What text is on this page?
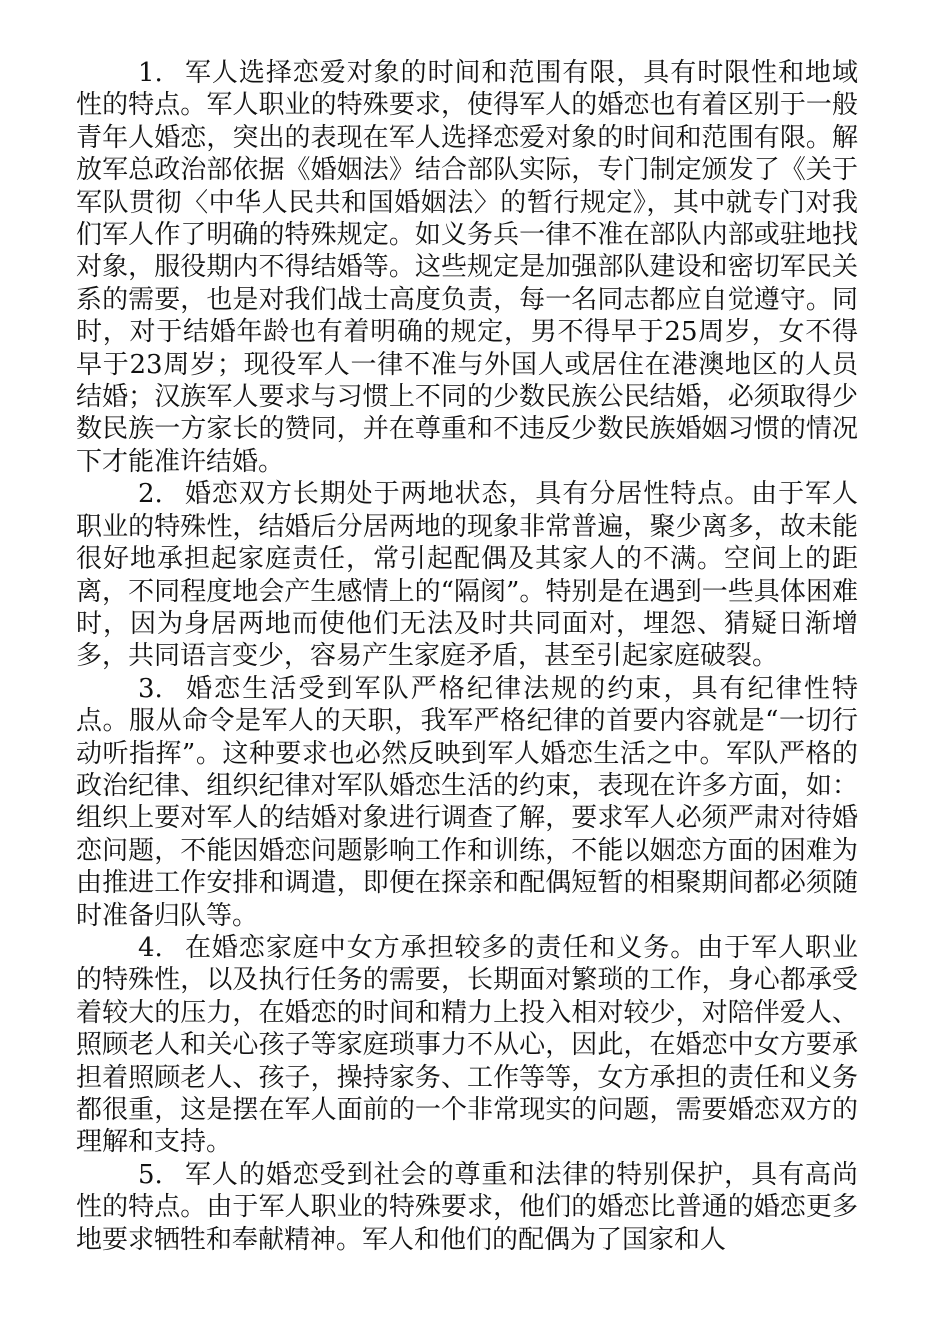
1. 军人选择恋爱对象的时间和范围有限，具有时限性和地域性的特点。军人职业的特殊要求，使得军人的婚恋也有着区别于一般青年人婚恋，突出的表现在军人选择恋爱对象的时间和范围有限。解放军总政治部依据《婚姻法》结合部队实际，专门制定颁发了《关于军队贯彻〈中华人民共和国婚姻法〉的暂行规定》，其中就专门对我们军人作了明确的特殊规定。如义务兵一律不准在部队内部或驻地找对象，服役期内不得结婚等。这些规定是加强部队建设和密切军民关系的需要，也是对我们战士高度负责，每一名同志都应自觉遵守。同时，对于结婚年龄也有着明确的规定，男不得早于25周岁，女不得早于23周岁；现役军人一律不准与外国人或居住在港澳地区的人员结婚；汉族军人要求与习惯上不同的少数民族公民结婚，必须取得少数民族一方家长的赞同，并在尊重和不违反少数民族婚姻习惯的情况下才能准许结婚。

2. 婚恋双方长期处于两地状态，具有分居性特点。由于军人职业的特殊性，结婚后分居两地的现象非常普遍，聚少离多，故未能很好地承担起家庭责任，常引起配偶及其家人的不满。空间上的距离，不同程度地会产生感情上的“隔阂”。特别是在遇到一些具体困难时，因为身居两地而使他们无法及时共同面对，埋怨、猜疑日渐增多，共同语言变少，容易产生家庭矛盾，甚至引起家庭破裂。

3. 婚恋生活受到军队严格纪律法规的约束，具有纪律性特点。服从命令是军人的天职，我军严格纪律的首要内容就是“一切行动听指挥”。这种要求也必然反映到军人婚恋生活之中。军队严格的政治纪律、组织纪律对军队婚恋生活的约束，表现在许多方面，如：组织上要对军人的结婚对象进行调查了解，要求军人必须严肃对待婚恋问题，不能因婚恋问题影响工作和训练，不能以姻恋方面的困难为由推进工作安排和调遣，即便在探亲和配偶短暂的相聚期间都必须随时准备归队等。

4. 在婚恋家庭中女方承担较多的责任和义务。由于军人职业的特殊性，以及执行任务的需要，长期面对繁琐的工作，身心都承受着较大的压力，在婚恋的时间和精力上投入相对较少，对陪伴爱人、照顾老人和关心孩子等家庭琐事力不从心，因此，在婚恋中女方要承担着照顾老人、孩子，操持家务、工作等等，女方承担的责任和义务都很重，这是摆在军人面前的一个非常现实的问题，需要婚恋双方的理解和支持。

5. 军人的婚恋受到社会的尊重和法律的特别保护，具有高尚性的特点。由于军人职业的特殊要求，他们的婚恋比普通的婚恋更多地要求牺牲和奉献精神。军人和他们的配偶为了国家和人
